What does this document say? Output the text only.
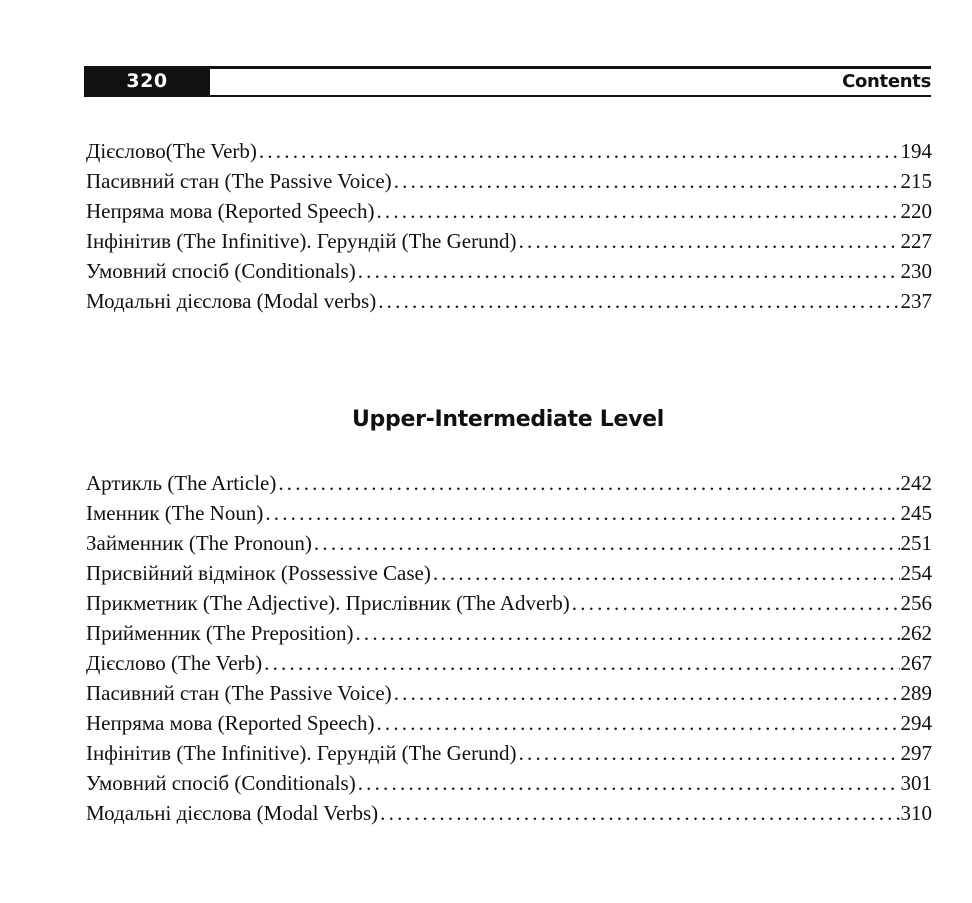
320	Contents
Дієслово(The Verb) .....	194
Пасивний стан (The Passive Voice) .....	215
Непряма мова (Reported Speech) .....	220
Інфінітив (The Infinitive). Герундій (The Gerund) .....	227
Умовний спосіб (Conditionals) .....	230
Модальні дієслова (Modal verbs) .....	237
Upper-Intermediate Level
Артикль (The Article) .....	242
Іменник (The Noun) .....	245
Займенник (The Pronoun) .....	251
Присвійний відмінок (Possessive Case) .....	254
Прикметник (The Adjective). Прислівник (The Adverb) .....	256
Прийменник (The Preposition) .....	262
Дієслово (The Verb) .....	267
Пасивний стан (The Passive Voice) .....	289
Непряма мова (Reported Speech) .....	294
Інфінітив (The Infinitive). Герундій (The Gerund) .....	297
Умовний спосіб (Conditionals) .....	301
Модальні дієслова (Modal Verbs) .....	310
